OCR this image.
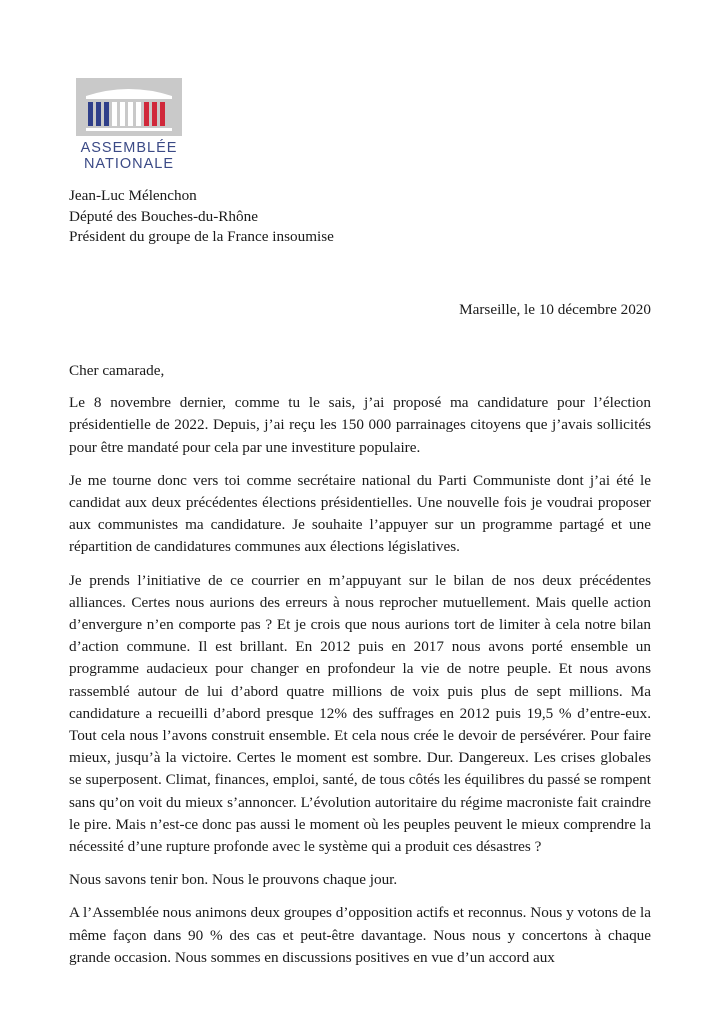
ASSEMBLÉE
NATIONALE
Jean-Luc Mélenchon
Député des Bouches-du-Rhône
Président du groupe de la France insoumise
Marseille, le 10 décembre 2020

Cher camarade,

Le 8 novembre dernier, comme tu le sais, j’ai proposé ma candidature pour l’élection présidentielle de 2022. Depuis, j’ai reçu les 150 000 parrainages citoyens que j’avais sollicités pour être mandaté pour cela par une investiture populaire.

Je me tourne donc vers toi comme secrétaire national du Parti Communiste dont j’ai été le candidat aux deux précédentes élections présidentielles. Une nouvelle fois je voudrai proposer aux communistes ma candidature. Je souhaite l’appuyer sur un programme partagé et une répartition de candidatures communes aux élections législatives.

Je prends l’initiative de ce courrier en m’appuyant sur le bilan de nos deux précédentes alliances. Certes nous aurions des erreurs à nous reprocher mutuellement. Mais quelle action d’envergure n’en comporte pas ? Et je crois que nous aurions tort de limiter à cela notre bilan d’action commune. Il est brillant. En 2012 puis en 2017 nous avons porté ensemble un programme audacieux pour changer en profondeur la vie de notre peuple. Et nous avons rassemblé autour de lui d’abord quatre millions de voix puis plus de sept millions. Ma candidature a recueilli d’abord presque 12% des suffrages en 2012 puis 19,5 % d’entre-eux. Tout cela nous l’avons construit ensemble. Et cela nous crée le devoir de persévérer. Pour faire mieux, jusqu’à la victoire. Certes le moment est sombre. Dur. Dangereux. Les crises globales se superposent. Climat, finances, emploi, santé, de tous côtés les équilibres du passé se rompent sans qu’on voit du mieux s’annoncer. L’évolution autoritaire du régime macroniste fait craindre le pire. Mais n’est-ce donc pas aussi le moment où les peuples peuvent le mieux comprendre la nécessité d’une rupture profonde avec le système qui a produit ces désastres ?

Nous savons tenir bon. Nous le prouvons chaque jour.

A l’Assemblée nous animons deux groupes d’opposition actifs et reconnus. Nous y votons de la même façon dans 90 % des cas et peut-être davantage. Nous nous y concertons à chaque grande occasion. Nous sommes en discussions positives en vue d’un accord aux
